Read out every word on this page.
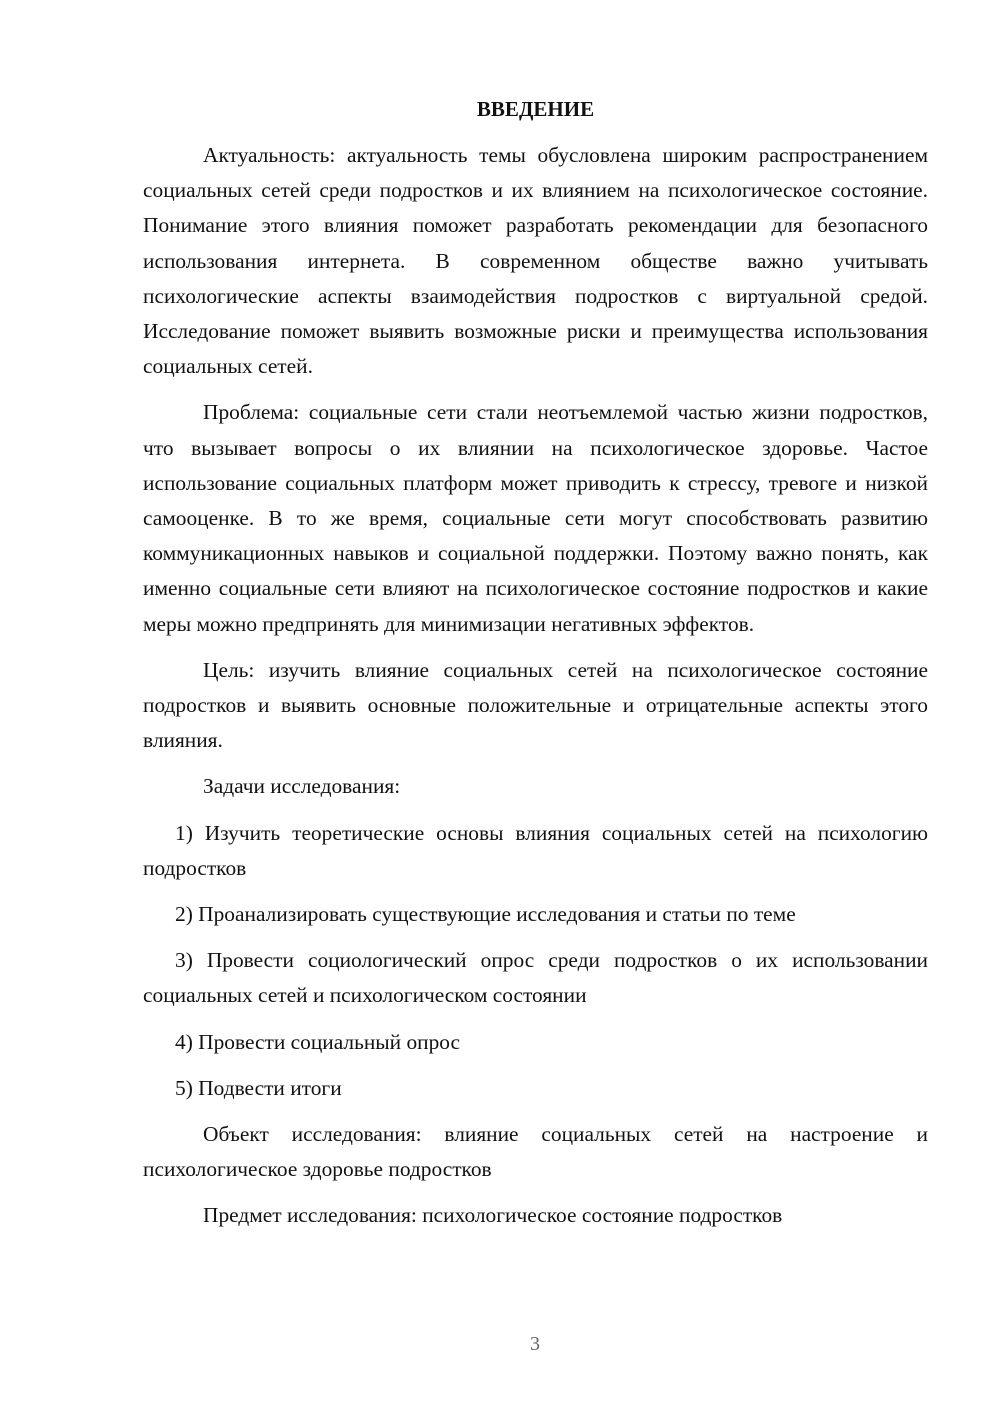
ВВЕДЕНИЕ

Актуальность: актуальность темы обусловлена широким распространением социальных сетей среди подростков и их влиянием на психологическое состояние. Понимание этого влияния поможет разработать рекомендации для безопасного использования интернета. В современном обществе важно учитывать психологические аспекты взаимодействия подростков с виртуальной средой. Исследование поможет выявить возможные риски и преимущества использования социальных сетей.

Проблема: социальные сети стали неотъемлемой частью жизни подростков, что вызывает вопросы о их влиянии на психологическое здоровье. Частое использование социальных платформ может приводить к стрессу, тревоге и низкой самооценке. В то же время, социальные сети могут способствовать развитию коммуникационных навыков и социальной поддержки. Поэтому важно понять, как именно социальные сети влияют на психологическое состояние подростков и какие меры можно предпринять для минимизации негативных эффектов.

Цель: изучить влияние социальных сетей на психологическое состояние подростков и выявить основные положительные и отрицательные аспекты этого влияния.

Задачи исследования:

1) Изучить теоретические основы влияния социальных сетей на психологию подростков

2) Проанализировать существующие исследования и статьи по теме

3) Провести социологический опрос среди подростков о их использовании социальных сетей и психологическом состоянии

4) Провести социальный опрос

5) Подвести итоги

Объект исследования: влияние социальных сетей на настроение и психологическое здоровье подростков

Предмет исследования: психологическое состояние подростков

3
